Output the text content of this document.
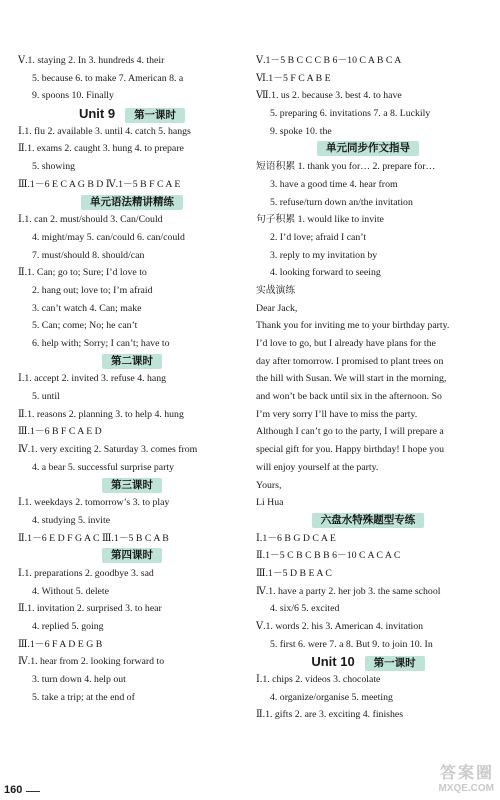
Ⅴ.1. staying 2. In 3. hundreds 4. their
5. because 6. to make 7. American 8. a
9. spoons 10. Finally
Unit 9 第一课时
Ⅰ.1. flu 2. available 3. until 4. catch 5. hangs
Ⅱ.1. exams 2. caught 3. hung 4. to prepare
5. showing
Ⅲ.1－6 E C A G B D Ⅳ.1－5 B F C A E
单元语法精讲精练
Ⅰ.1. can 2. must/should 3. Can/Could
4. might/may 5. can/could 6. can/could
7. must/should 8. should/can
Ⅱ.1. Can; go to; Sure; I’d love to
2. hang out; love to; I’m afraid
3. can’t watch 4. Can; make
5. Can; come; No; he can’t
6. help with; Sorry; I can’t; have to
第二课时
Ⅰ.1. accept 2. invited 3. refuse 4. hang
5. until
Ⅱ.1. reasons 2. planning 3. to help 4. hung
Ⅲ.1－6 B F C A E D
Ⅳ.1. very exciting 2. Saturday 3. comes from
4. a bear 5. successful surprise party
第三课时
Ⅰ.1. weekdays 2. tomorrow’s 3. to play
4. studying 5. invite
Ⅱ.1－6 E D F G A C Ⅲ.1－5 B C A B
第四课时
Ⅰ.1. preparations 2. goodbye 3. sad
4. Without 5. delete
Ⅱ.1. invitation 2. surprised 3. to hear
4. replied 5. going
Ⅲ.1－6 F A D E G B
Ⅳ.1. hear from 2. looking forward to
3. turn down 4. help out
5. take a trip; at the end of
Ⅴ.1－5 B C C C B 6－10 C A B C A
Ⅵ.1－5 F C A B E
Ⅶ.1. us 2. because 3. best 4. to have
5. preparing 6. invitations 7. a 8. Luckily
9. spoke 10. the
单元同步作文指导
短语积累 1. thank you for… 2. prepare for…
3. have a good time 4. hear from
5. refuse/turn down an/the invitation
句子积累 1. would like to invite
2. I’d love; afraid I can’t
3. reply to my invitation by
4. looking forward to seeing
实战演练
Dear Jack,
Thank you for inviting me to your birthday party.
I’d love to go, but I already have plans for the
day after tomorrow. I promised to plant trees on
the hill with Susan. We will start in the morning,
and won’t be back until six in the afternoon. So
I’m very sorry I’ll have to miss the party.
Although I can’t go to the party, I will prepare a
special gift for you. Happy birthday! I hope you
will enjoy yourself at the party.
Yours,
Li Hua
六盘水特殊题型专练
Ⅰ.1－6 B G D C A E
Ⅱ.1－5 C B C B B 6－10 C A C A C
Ⅲ.1－5 D B E A C
Ⅳ.1. have a party 2. her job 3. the same school
4. six/6 5. excited
Ⅴ.1. words 2. his 3. American 4. invitation
5. first 6. were 7. a 8. But 9. to join 10. In
Unit 10 第一课时
Ⅰ.1. chips 2. videos 3. chocolate
4. organize/organise 5. meeting
Ⅱ.1. gifts 2. are 3. exciting 4. finishes
160
答案圈
MXQE.COM
